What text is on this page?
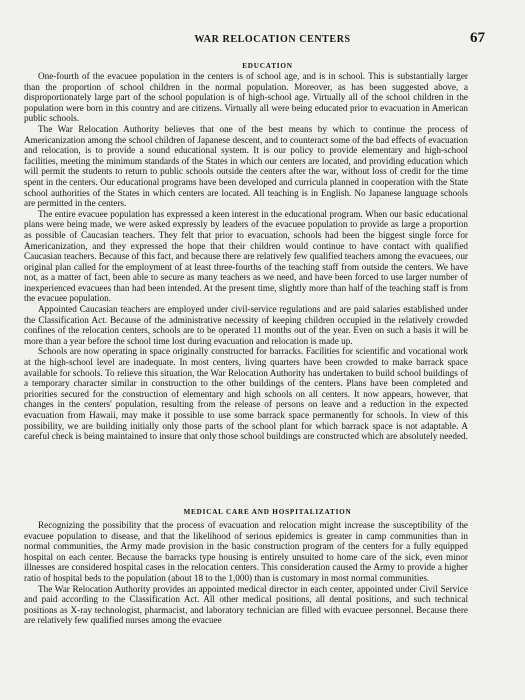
WAR RELOCATION CENTERS	67
EDUCATION

One-fourth of the evacuee population in the centers is of school age, and is in school. This is substantially larger than the proportion of school children in the normal population. Moreover, as has been suggested above, a disproportionately large part of the school population is of high-school age. Virtually all of the school children in the population were born in this country and are citizens. Virtually all were being educated prior to evacuation in American public schools.

The War Relocation Authority believes that one of the best means by which to continue the process of Americanization among the school children of Japanese descent, and to counteract some of the bad effects of evacuation and relocation, is to provide a sound educational system. It is our policy to provide elementary and high-school facilities, meeting the minimum standards of the States in which our centers are located, and providing education which will permit the students to return to public schools outside the centers after the war, without loss of credit for the time spent in the centers. Our educational programs have been developed and curricula planned in cooperation with the State school authorities of the States in which centers are located. All teaching is in English. No Japanese language schools are permitted in the centers.

The entire evacuee population has expressed a keen interest in the educational program. When our basic educational plans were being made, we were asked expressly by leaders of the evacuee population to provide as large a proportion as possible of Caucasian teachers. They felt that prior to evacuation, schools had been the biggest single force for Americanization, and they expressed the hope that their children would continue to have contact with qualified Caucasian teachers. Because of this fact, and because there are relatively few qualified teachers among the evacuees, our original plan called for the employment of at least three-fourths of the teaching staff from outside the centers. We have not, as a matter of fact, been able to secure as many teachers as we need, and have been forced to use larger number of inexperienced evacuees than had been intended. At the present time, slightly more than half of the teaching staff is from the evacuee population.

Appointed Caucasian teachers are employed under civil-service regulations and are paid salaries established under the Classification Act. Because of the administrative necessity of keeping children occupied in the relatively crowded confines of the relocation centers, schools are to be operated 11 months out of the year. Even on such a basis it will be more than a year before the school time lost during evacuation and relocation is made up.

Schools are now operating in space originally constructed for barracks. Facilities for scientific and vocational work at the high-school level are inadequate. In most centers, living quarters have been crowded to make barrack space available for schools. To relieve this situation, the War Relocation Authority has undertaken to build school buildings of a temporary character similar in construction to the other buildings of the centers. Plans have been completed and priorities secured for the construction of elementary and high schools on all centers. It now appears, however, that changes in the centers' population, resulting from the release of persons on leave and a reduction in the expected evacuation from Hawaii, may make it possible to use some barrack space permanently for schools. In view of this possibility, we are building initially only those parts of the school plant for which barrack space is not adaptable. A careful check is being maintained to insure that only those school buildings are constructed which are absolutely needed.

MEDICAL CARE AND HOSPITALIZATION

Recognizing the possibility that the process of evacuation and relocation might increase the susceptibility of the evacuee population to disease, and that the likelihood of serious epidemics is greater in camp communities than in normal communities, the Army made provision in the basic construction program of the centers for a fully equipped hospital on each center. Because the barracks type housing is entirely unsuited to home care of the sick, even minor illnesses are considered hospital cases in the relocation centers. This consideration caused the Army to provide a higher ratio of hospital beds to the population (about 18 to the 1,000) than is customary in most normal communities.

The War Relocation Authority provides an appointed medical director in each center, appointed under Civil Service and paid according to the Classification Act. All other medical positions, all dental positions, and such technical positions as X-ray technologist, pharmacist, and laboratory technician are filled with evacuee personnel. Because there are relatively few qualified nurses among the evacuee
